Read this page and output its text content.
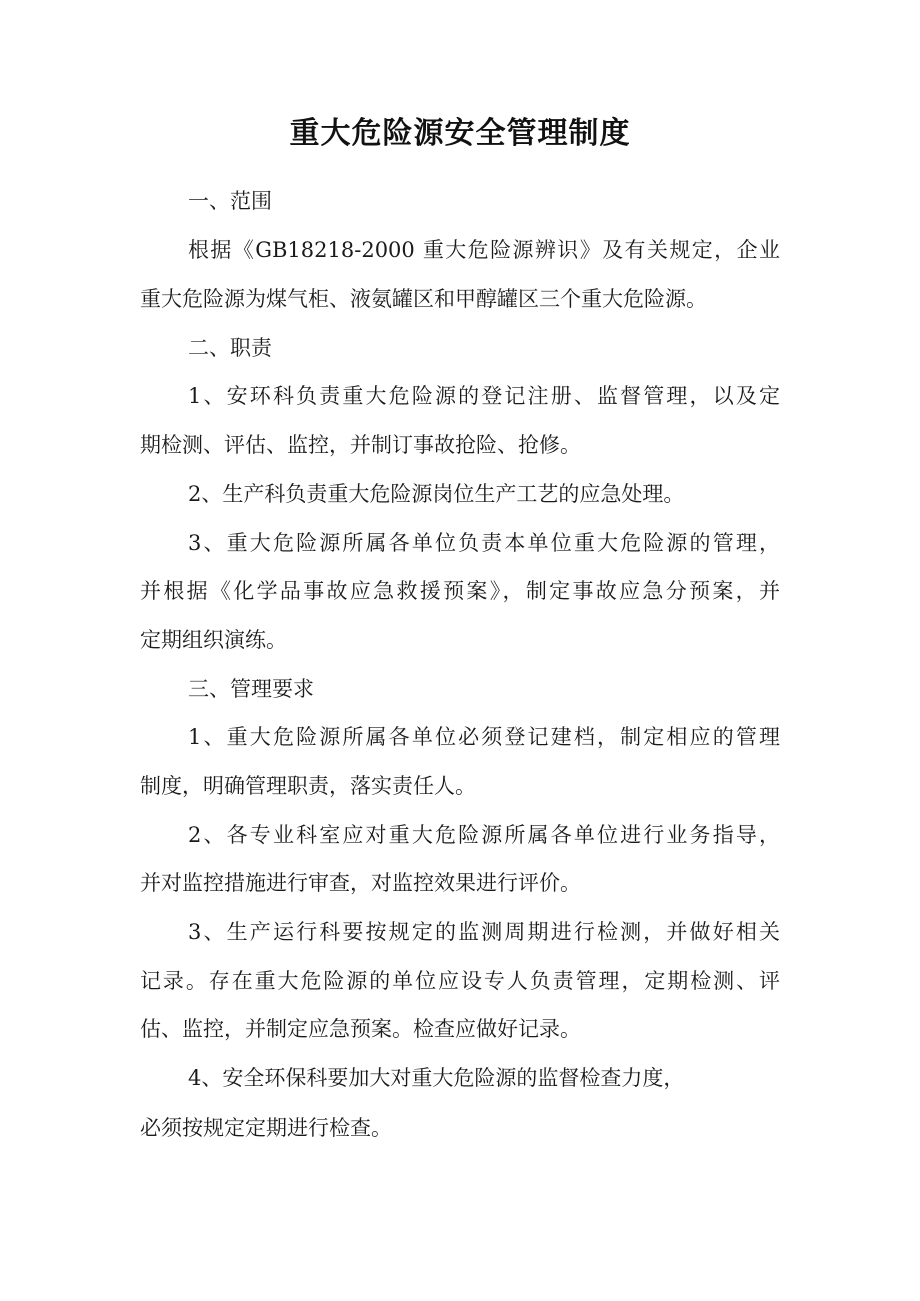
重大危险源安全管理制度
一、范围
根据《GB18218-2000 重大危险源辨识》及有关规定，企业
重大危险源为煤气柜、液氨罐区和甲醇罐区三个重大危险源。
二、职责
1、安环科负责重大危险源的登记注册、监督管理，以及定
期检测、评估、监控，并制订事故抢险、抢修。
2、生产科负责重大危险源岗位生产工艺的应急处理。
3、重大危险源所属各单位负责本单位重大危险源的管理，
并根据《化学品事故应急救援预案》，制定事故应急分预案，并
定期组织演练。
三、管理要求
1、重大危险源所属各单位必须登记建档，制定相应的管理
制度，明确管理职责，落实责任人。
2、各专业科室应对重大危险源所属各单位进行业务指导，
并对监控措施进行审查，对监控效果进行评价。
3、生产运行科要按规定的监测周期进行检测，并做好相关
记录。存在重大危险源的单位应设专人负责管理，定期检测、评
估、监控，并制定应急预案。检查应做好记录。
4、安全环保科要加大对重大危险源的监督检查力度，
必须按规定定期进行检查。
